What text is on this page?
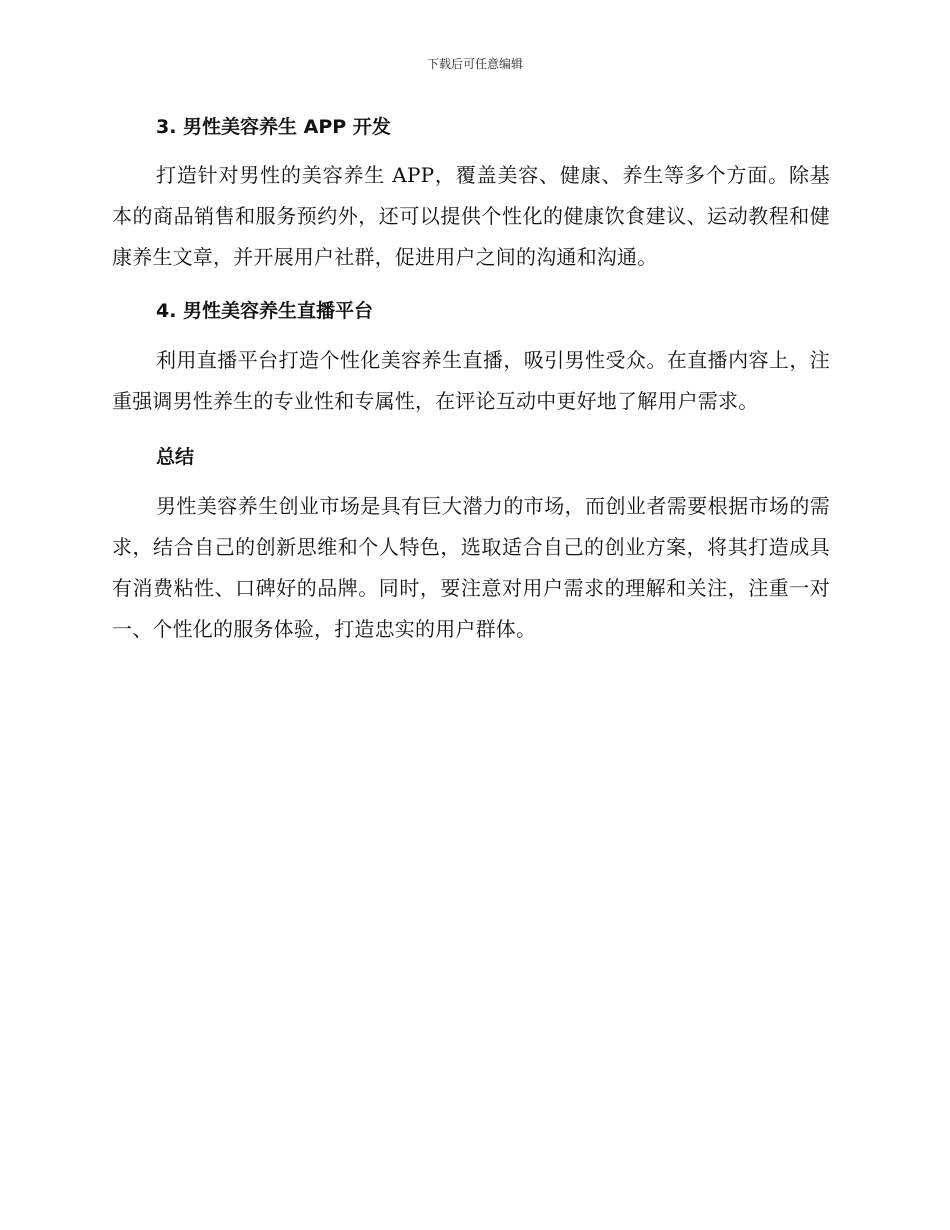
下载后可任意编辑
3. 男性美容养生 APP 开发

打造针对男性的美容养生 APP，覆盖美容、健康、养生等多个方面。除基本的商品销售和服务预约外，还可以提供个性化的健康饮食建议、运动教程和健康养生文章，并开展用户社群，促进用户之间的沟通和沟通。

4. 男性美容养生直播平台

利用直播平台打造个性化美容养生直播，吸引男性受众。在直播内容上，注重强调男性养生的专业性和专属性，在评论互动中更好地了解用户需求。

总结

男性美容养生创业市场是具有巨大潜力的市场，而创业者需要根据市场的需求，结合自己的创新思维和个人特色，选取适合自己的创业方案，将其打造成具有消费粘性、口碑好的品牌。同时，要注意对用户需求的理解和关注，注重一对一、个性化的服务体验，打造忠实的用户群体。
